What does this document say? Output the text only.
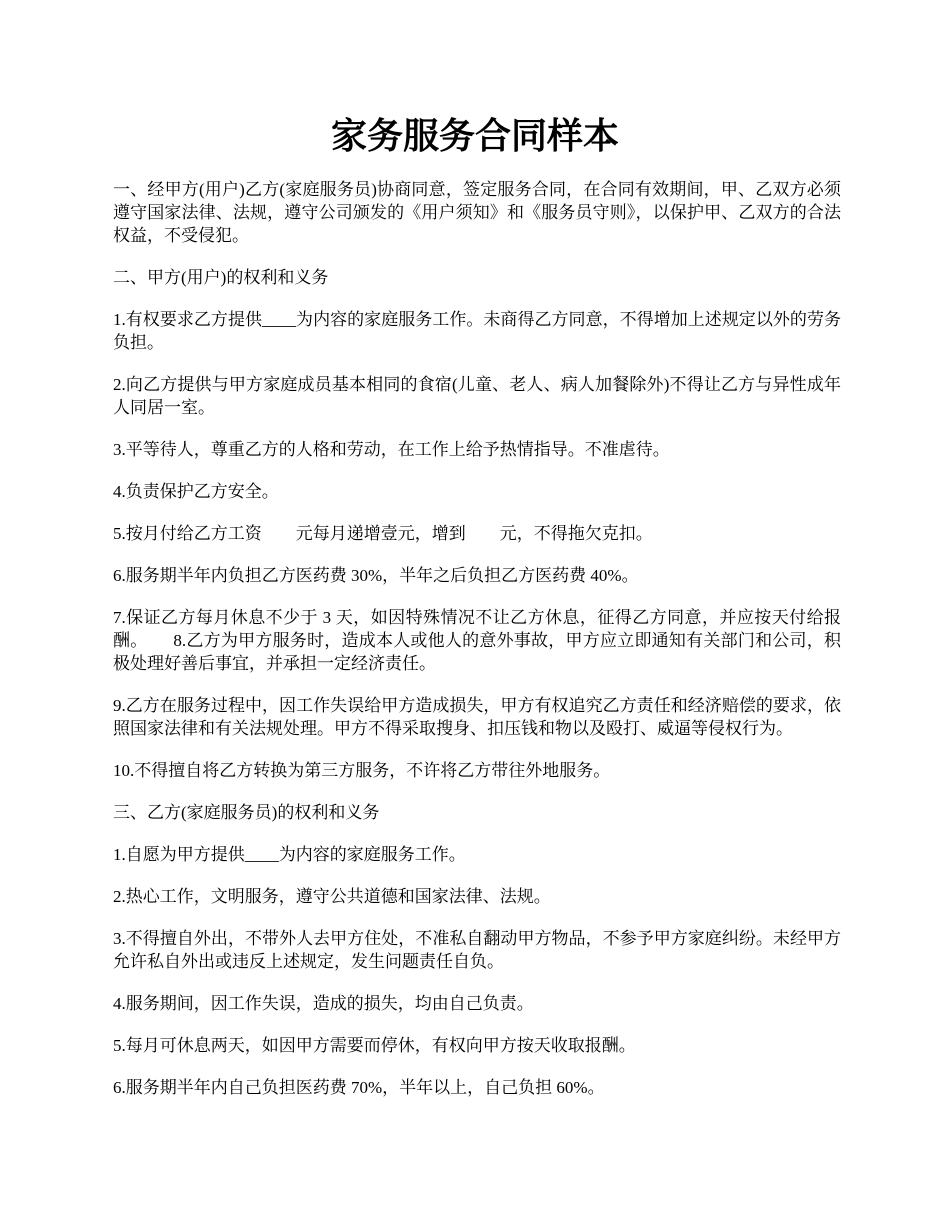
家务服务合同样本

一、经甲方(用户)乙方(家庭服务员)协商同意，签定服务合同，在合同有效期间，甲、乙双方必须遵守国家法律、法规，遵守公司颁发的《用户须知》和《服务员守则》，以保护甲、乙双方的合法权益，不受侵犯。

二、甲方(用户)的权利和义务

1.有权要求乙方提供____为内容的家庭服务工作。未商得乙方同意，不得增加上述规定以外的劳务负担。

2.向乙方提供与甲方家庭成员基本相同的食宿(儿童、老人、病人加餐除外)不得让乙方与异性成年人同居一室。

3.平等待人，尊重乙方的人格和劳动，在工作上给予热情指导。不准虐待。

4.负责保护乙方安全。

5.按月付给乙方工资　　元每月递增壹元，增到　　元，不得拖欠克扣。

6.服务期半年内负担乙方医药费 30%，半年之后负担乙方医药费 40%。

7.保证乙方每月休息不少于 3 天，如因特殊情况不让乙方休息，征得乙方同意，并应按天付给报酬。　　8.乙方为甲方服务时，造成本人或他人的意外事故，甲方应立即通知有关部门和公司，积极处理好善后事宜，并承担一定经济责任。

9.乙方在服务过程中，因工作失误给甲方造成损失，甲方有权追究乙方责任和经济赔偿的要求，依照国家法律和有关法规处理。甲方不得采取搜身、扣压钱和物以及殴打、威逼等侵权行为。

10.不得擅自将乙方转换为第三方服务，不许将乙方带往外地服务。

三、乙方(家庭服务员)的权利和义务

1.自愿为甲方提供____为内容的家庭服务工作。

2.热心工作，文明服务，遵守公共道德和国家法律、法规。

3.不得擅自外出，不带外人去甲方住处，不准私自翻动甲方物品，不参予甲方家庭纠纷。未经甲方允许私自外出或违反上述规定，发生问题责任自负。

4.服务期间，因工作失误，造成的损失，均由自己负责。

5.每月可休息两天，如因甲方需要而停休，有权向甲方按天收取报酬。

6.服务期半年内自己负担医药费 70%，半年以上，自己负担 60%。
